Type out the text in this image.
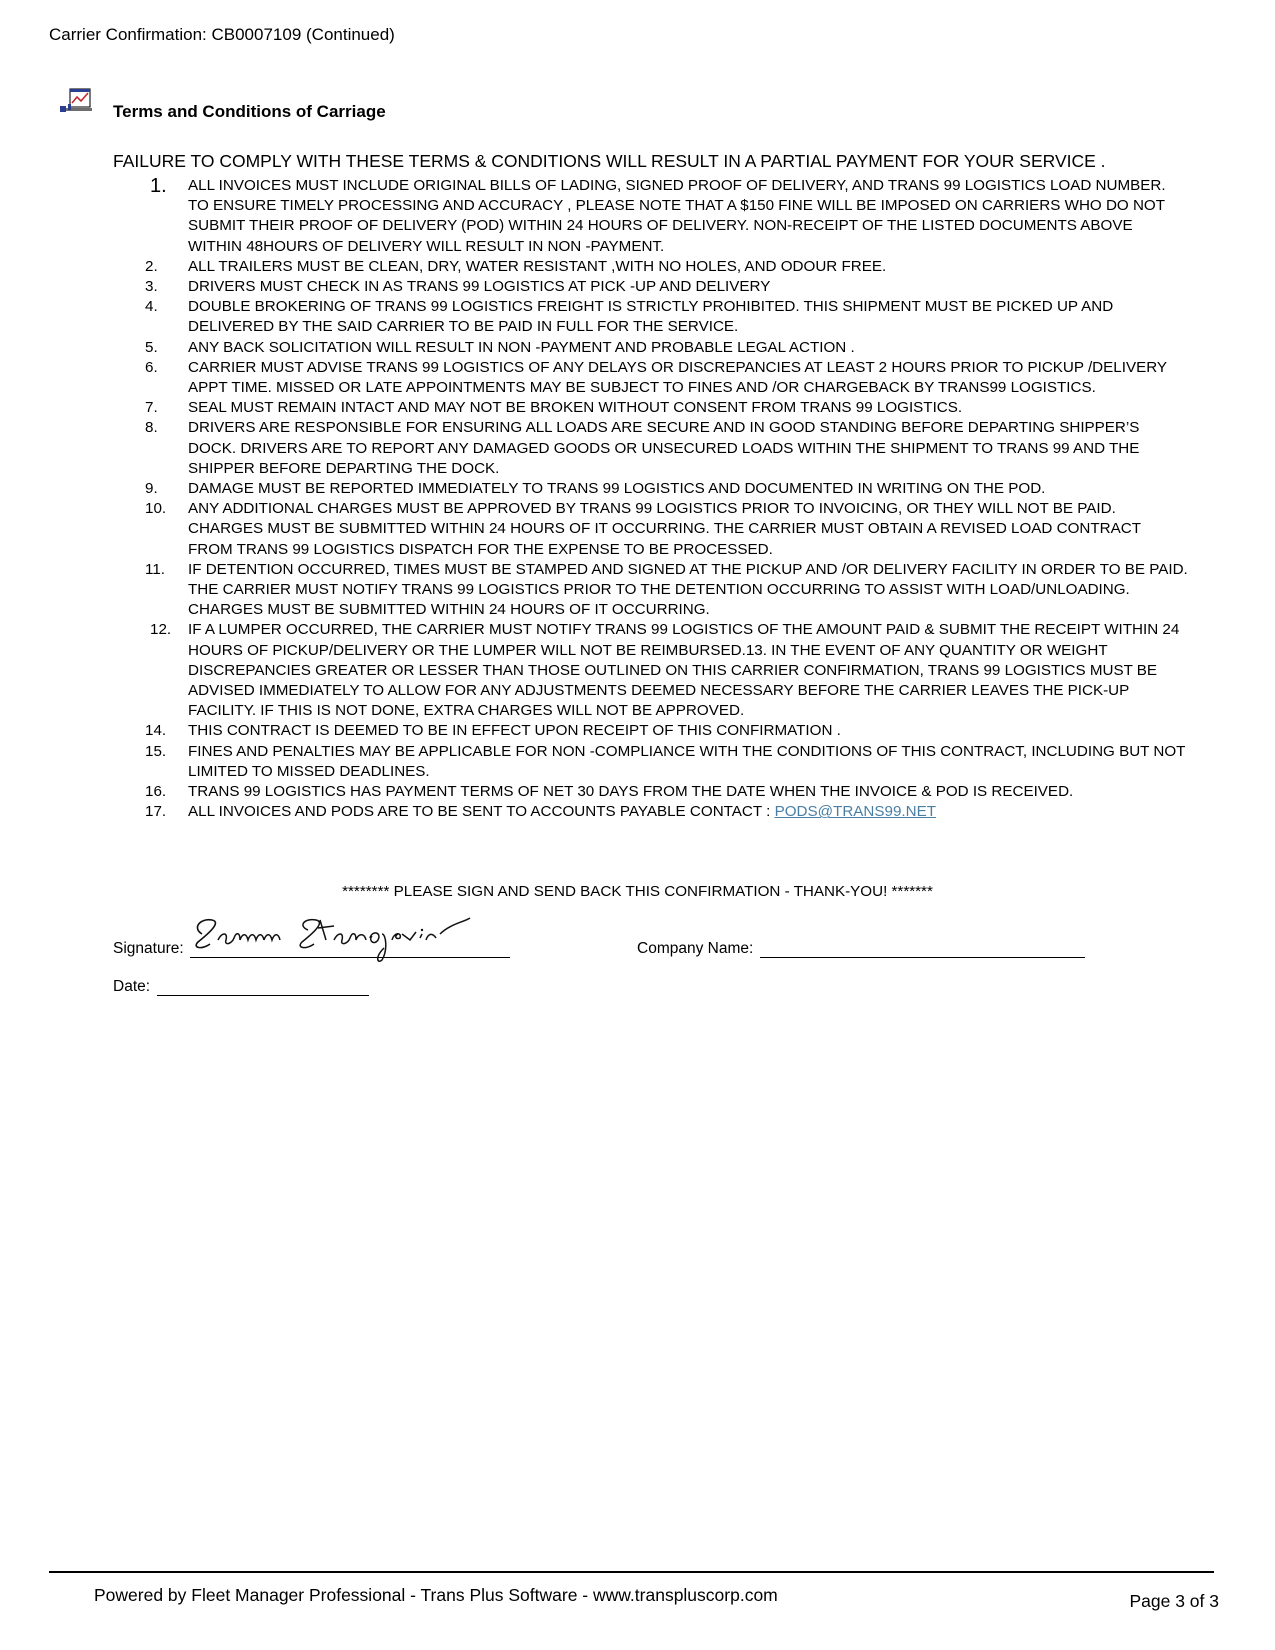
Carrier Confirmation: CB0007109 (Continued)
Terms and Conditions of Carriage
FAILURE TO COMPLY WITH THESE TERMS & CONDITIONS WILL RESULT IN A PARTIAL PAYMENT FOR YOUR SERVICE .
1.	ALL INVOICES MUST INCLUDE ORIGINAL BILLS OF LADING, SIGNED PROOF OF DELIVERY, AND TRANS 99 LOGISTICS LOAD NUMBER. TO ENSURE TIMELY PROCESSING AND ACCURACY , PLEASE NOTE THAT A $150 FINE WILL BE IMPOSED ON CARRIERS WHO DO NOT SUBMIT THEIR PROOF OF DELIVERY (POD) WITHIN 24 HOURS OF DELIVERY. NON-RECEIPT OF THE LISTED DOCUMENTS ABOVE WITHIN 48HOURS OF DELIVERY WILL RESULT IN NON -PAYMENT.
2.	ALL TRAILERS MUST BE CLEAN, DRY, WATER RESISTANT ,WITH NO HOLES, AND ODOUR FREE.
3.	DRIVERS MUST CHECK IN AS TRANS 99 LOGISTICS AT PICK -UP AND DELIVERY
4.	DOUBLE BROKERING OF TRANS 99 LOGISTICS FREIGHT IS STRICTLY PROHIBITED. THIS SHIPMENT MUST BE PICKED UP AND DELIVERED BY THE SAID CARRIER TO BE PAID IN FULL FOR THE SERVICE.
5.	ANY BACK SOLICITATION WILL RESULT IN NON -PAYMENT AND PROBABLE LEGAL ACTION .
6.	CARRIER MUST ADVISE TRANS 99 LOGISTICS OF ANY DELAYS OR DISCREPANCIES AT LEAST 2 HOURS PRIOR TO PICKUP /DELIVERY APPT TIME. MISSED OR LATE APPOINTMENTS MAY BE SUBJECT TO FINES AND /OR CHARGEBACK BY TRANS99 LOGISTICS.
7.	SEAL MUST REMAIN INTACT AND MAY NOT BE BROKEN WITHOUT CONSENT FROM TRANS 99 LOGISTICS.
8.	DRIVERS ARE RESPONSIBLE FOR ENSURING ALL LOADS ARE SECURE AND IN GOOD STANDING BEFORE DEPARTING SHIPPER’S DOCK. DRIVERS ARE TO REPORT ANY DAMAGED GOODS OR UNSECURED LOADS WITHIN THE SHIPMENT TO TRANS 99 AND THE SHIPPER BEFORE DEPARTING THE DOCK.
9.	DAMAGE MUST BE REPORTED IMMEDIATELY TO TRANS 99 LOGISTICS AND DOCUMENTED IN WRITING ON THE POD.
10.	ANY ADDITIONAL CHARGES MUST BE APPROVED BY TRANS 99 LOGISTICS PRIOR TO INVOICING, OR THEY WILL NOT BE PAID. CHARGES MUST BE SUBMITTED WITHIN 24 HOURS OF IT OCCURRING. THE CARRIER MUST OBTAIN A REVISED LOAD CONTRACT FROM TRANS 99 LOGISTICS DISPATCH FOR THE EXPENSE TO BE PROCESSED.
11.	IF DETENTION OCCURRED, TIMES MUST BE STAMPED AND SIGNED AT THE PICKUP AND /OR DELIVERY FACILITY IN ORDER TO BE PAID. THE CARRIER MUST NOTIFY TRANS 99 LOGISTICS PRIOR TO THE DETENTION OCCURRING TO ASSIST WITH LOAD/UNLOADING. CHARGES MUST BE SUBMITTED WITHIN 24 HOURS OF IT OCCURRING.
12.	IF A LUMPER OCCURRED, THE CARRIER MUST NOTIFY TRANS 99 LOGISTICS OF THE AMOUNT PAID & SUBMIT THE RECEIPT WITHIN 24 HOURS OF PICKUP/DELIVERY OR THE LUMPER WILL NOT BE REIMBURSED.13. IN THE EVENT OF ANY QUANTITY OR WEIGHT DISCREPANCIES GREATER OR LESSER THAN THOSE OUTLINED ON THIS CARRIER CONFIRMATION, TRANS 99 LOGISTICS MUST BE ADVISED IMMEDIATELY TO ALLOW FOR ANY ADJUSTMENTS DEEMED NECESSARY BEFORE THE CARRIER LEAVES THE PICK-UP FACILITY. IF THIS IS NOT DONE, EXTRA CHARGES WILL NOT BE APPROVED.
14.	THIS CONTRACT IS DEEMED TO BE IN EFFECT UPON RECEIPT OF THIS CONFIRMATION .
15.	FINES AND PENALTIES MAY BE APPLICABLE FOR NON -COMPLIANCE WITH THE CONDITIONS OF THIS CONTRACT, INCLUDING BUT NOT LIMITED TO MISSED DEADLINES.
16.	TRANS 99 LOGISTICS HAS PAYMENT TERMS OF NET 30 DAYS FROM THE DATE WHEN THE INVOICE & POD IS RECEIVED.
17.	ALL INVOICES AND PODS ARE TO BE SENT TO ACCOUNTS PAYABLE CONTACT : PODS@TRANS99.NET
******** PLEASE SIGN AND SEND BACK THIS CONFIRMATION - THANK-YOU! *******
Signature:	Company Name:
Date:
Powered by Fleet Manager Professional - Trans Plus Software - www.transpluscorp.com	Page 3 of 3
